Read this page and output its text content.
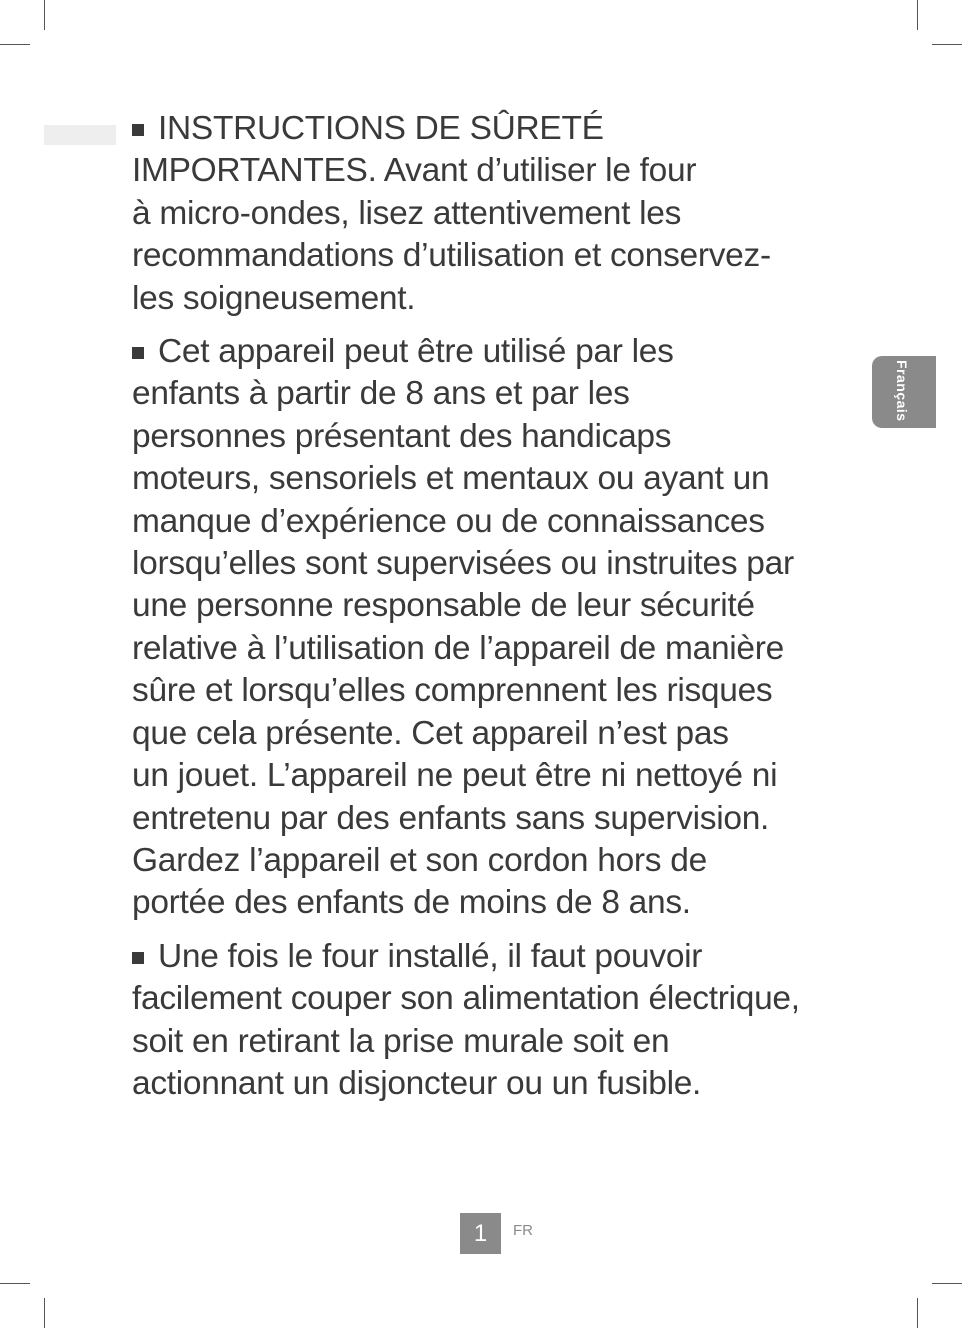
INSTRUCTIONS DE SÛRETÉ
IMPORTANTES. Avant d’utiliser le four
à micro-ondes, lisez attentivement les
recommandations d’utilisation et conservez-
les soigneusement.

Cet appareil peut être utilisé par les
enfants à partir de 8 ans et par les
personnes présentant des handicaps
moteurs, sensoriels et mentaux ou ayant un
manque d’expérience ou de connaissances
lorsqu’elles sont supervisées ou instruites par
une personne responsable de leur sécurité
relative à l’utilisation de l’appareil de manière
sûre et lorsqu’elles comprennent les risques
que cela présente. Cet appareil n’est pas
un jouet. L’appareil ne peut être ni nettoyé ni
entretenu par des enfants sans supervision.
Gardez l’appareil et son cordon hors de
portée des enfants de moins de 8 ans.

Une fois le four installé, il faut pouvoir
facilement couper son alimentation électrique,
soit en retirant la prise murale soit en
actionnant un disjoncteur ou un fusible.

Français
1	FR
